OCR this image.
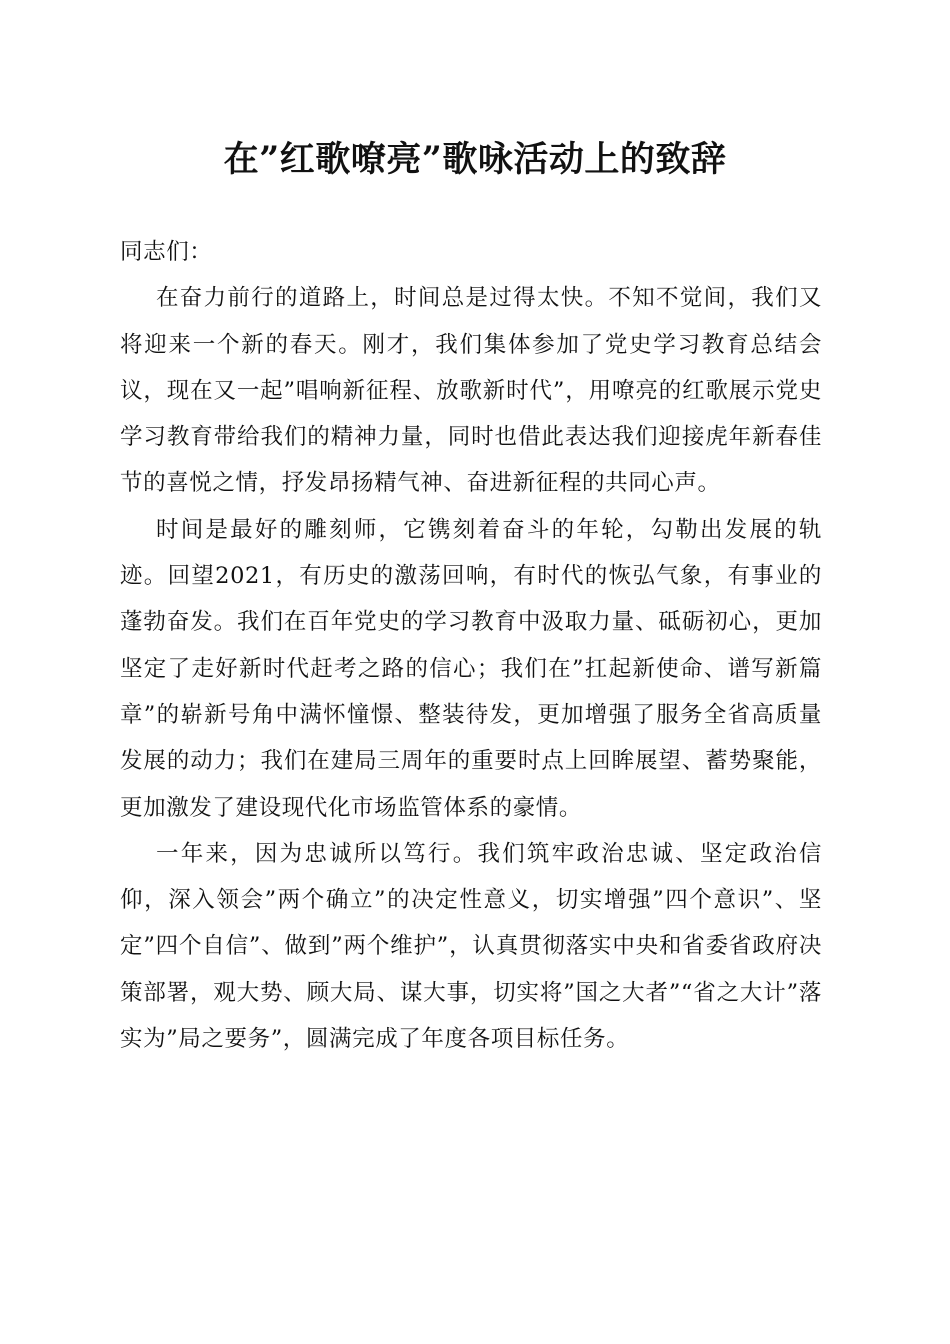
在”红歌嘹亮”歌咏活动上的致辞

同志们：

在奋力前行的道路上，时间总是过得太快。不知不觉间，我们又将迎来一个新的春天。刚才，我们集体参加了党史学习教育总结会议，现在又一起”唱响新征程、放歌新时代”，用嘹亮的红歌展示党史学习教育带给我们的精神力量，同时也借此表达我们迎接虎年新春佳节的喜悦之情，抒发昂扬精气神、奋进新征程的共同心声。

时间是最好的雕刻师，它镌刻着奋斗的年轮，勾勒出发展的轨迹。回望2021，有历史的激荡回响，有时代的恢弘气象，有事业的蓬勃奋发。我们在百年党史的学习教育中汲取力量、砥砺初心，更加坚定了走好新时代赶考之路的信心；我们在”扛起新使命、谱写新篇章”的崭新号角中满怀憧憬、整装待发，更加增强了服务全省高质量发展的动力；我们在建局三周年的重要时点上回眸展望、蓄势聚能，更加激发了建设现代化市场监管体系的豪情。

一年来，因为忠诚所以笃行。我们筑牢政治忠诚、坚定政治信仰，深入领会”两个确立”的决定性意义，切实增强”四个意识”、坚定”四个自信”、做到”两个维护”，认真贯彻落实中央和省委省政府决策部署，观大势、顾大局、谋大事，切实将”国之大者”“省之大计”落实为”局之要务”，圆满完成了年度各项目标任务。
